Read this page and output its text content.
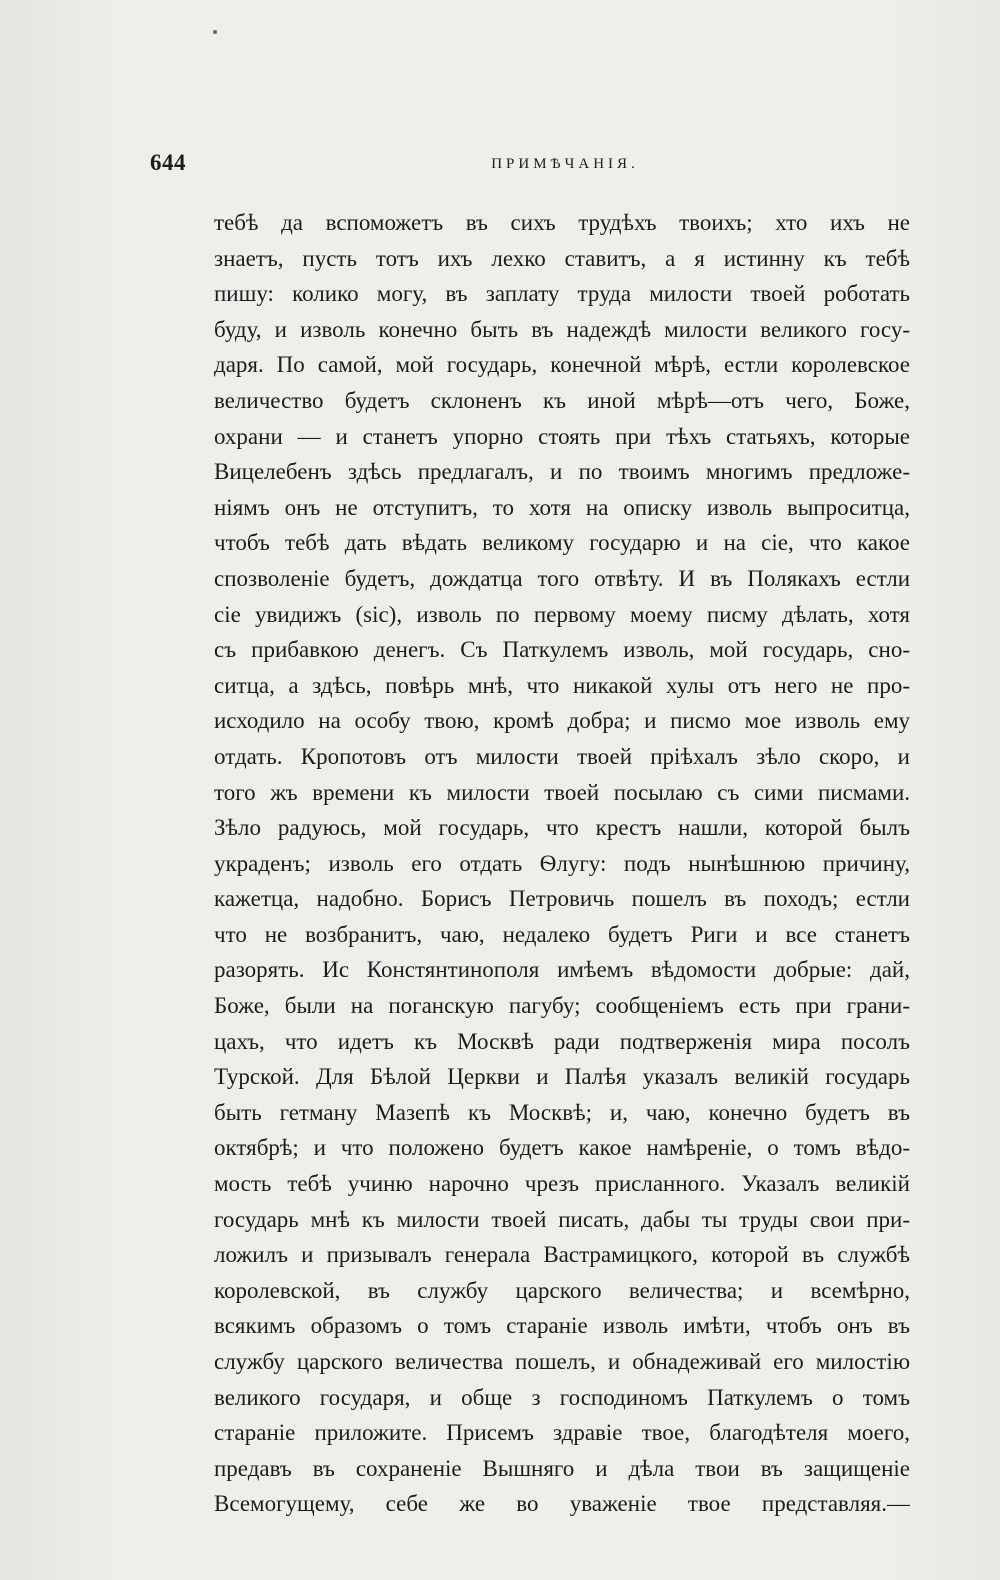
644	ПРИМѢЧАНІЯ.
тебѣ да вспоможетъ въ сихъ трудѣхъ твоихъ; хто ихъ не
знаетъ, пусть тотъ ихъ лехко ставитъ, а я истинну къ тебѣ
пишу: колико могу, въ заплату труда милости твоей роботать
буду, и изволь конечно быть въ надеждѣ милости великого госу-
даря. По самой, мой государь, конечной мѣрѣ, естли королевское
величество будетъ склоненъ къ иной мѣрѣ—отъ чего, Боже,
охрани — и станетъ упорно стоять при тѣхъ статьяхъ, которые
Вицелебенъ здѣсь предлагалъ, и по твоимъ многимъ предложе-
ніямъ онъ не отступитъ, то хотя на описку изволь выпроситца,
чтобъ тебѣ дать вѣдать великому государю и на сіе, что какое
спозволеніе будетъ, дождатца того отвѣту. И въ Полякахъ естли
сіе увидижъ (sic), изволь по первому моему писму дѣлать, хотя
съ прибавкою денегъ. Съ Паткулемъ изволь, мой государь, сно-
ситца, а здѣсь, повѣрь мнѣ, что никакой хулы отъ него не про-
исходило на особу твою, кромѣ добра; и писмо мое изволь ему
отдать. Кропотовъ отъ милости твоей пріѣхалъ зѣло скоро, и
того жъ времени къ милости твоей посылаю съ сими писмами.
Зѣло радуюсь, мой государь, что крестъ нашли, которой былъ
украденъ; изволь его отдать Ѳлугу: подъ нынѣшнюю причину,
кажетца, надобно. Борисъ Петровичь пошелъ въ походъ; естли
что не возбранитъ, чаю, недалеко будетъ Риги и все станетъ
разорять. Ис Констянтинополя имѣемъ вѣдомости добрые: дай,
Боже, были на поганскую пагубу; сообщеніемъ есть при грани-
цахъ, что идетъ къ Москвѣ ради подтверженія мира посолъ
Турской. Для Бѣлой Церкви и Палѣя указалъ великій государь
быть гетману Мазепѣ къ Москвѣ; и, чаю, конечно будетъ въ
октябрѣ; и что положено будетъ какое намѣреніе, о томъ вѣдо-
мость тебѣ учиню нарочно чрезъ присланного. Указалъ великій
государь мнѣ къ милости твоей писать, дабы ты труды свои при-
ложилъ и призывалъ генерала Вастрамицкого, которой въ службѣ
королевской, въ службу царского величества; и всемѣрно,
всякимъ образомъ о томъ стараніе изволь имѣти, чтобъ онъ въ
службу царского величества пошелъ, и обнадеживай его милостію
великого государя, и обще з господиномъ Паткулемъ о томъ
стараніе приложите. Присемъ здравіе твое, благодѣтеля моего,
предавъ въ сохраненіе Вышняго и дѣла твои въ защищеніе
Всемогущему, себе же во уваженіе твое представляя.—
